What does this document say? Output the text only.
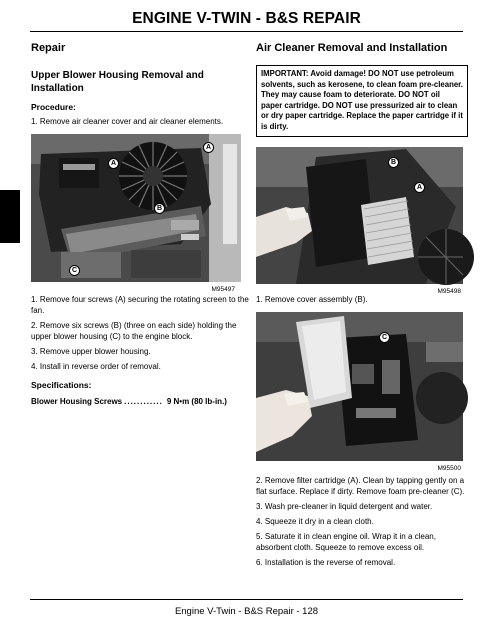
ENGINE V-TWIN - B&S REPAIR
Repair
Upper Blower Housing Removal and Installation
Procedure:
1. Remove air cleaner cover and air cleaner elements.
A
A
B
C
M95497
1. Remove four screws (A) securing the rotating screen to the fan.
2. Remove six screws (B) (three on each side) holding the upper blower housing (C) to the engine block.
3. Remove upper blower housing.
4. Install in reverse order of removal.
Specifications:
Blower Housing Screws ............ 9 N•m (80 lb-in.)
Air Cleaner Removal and Installation
IMPORTANT: Avoid damage! DO NOT use petroleum solvents, such as kerosene, to clean foam pre-cleaner. They may cause foam to deteriorate. DO NOT oil paper cartridge. DO NOT use pressurized air to clean or dry paper cartridge. Replace the paper cartridge if it is dirty.
B
A
M95498
1. Remove cover assembly (B).
C
M95500
2. Remove filter cartridge (A). Clean by tapping gently on a flat surface. Replace if dirty. Remove foam pre-cleaner (C).
3. Wash pre-cleaner in liquid detergent and water.
4. Squeeze it dry in a clean cloth.
5. Saturate it in clean engine oil. Wrap it in a clean, absorbent cloth. Squeeze to remove excess oil.
6. Installation is the reverse of removal.
Engine V-Twin - B&S Repair - 128
